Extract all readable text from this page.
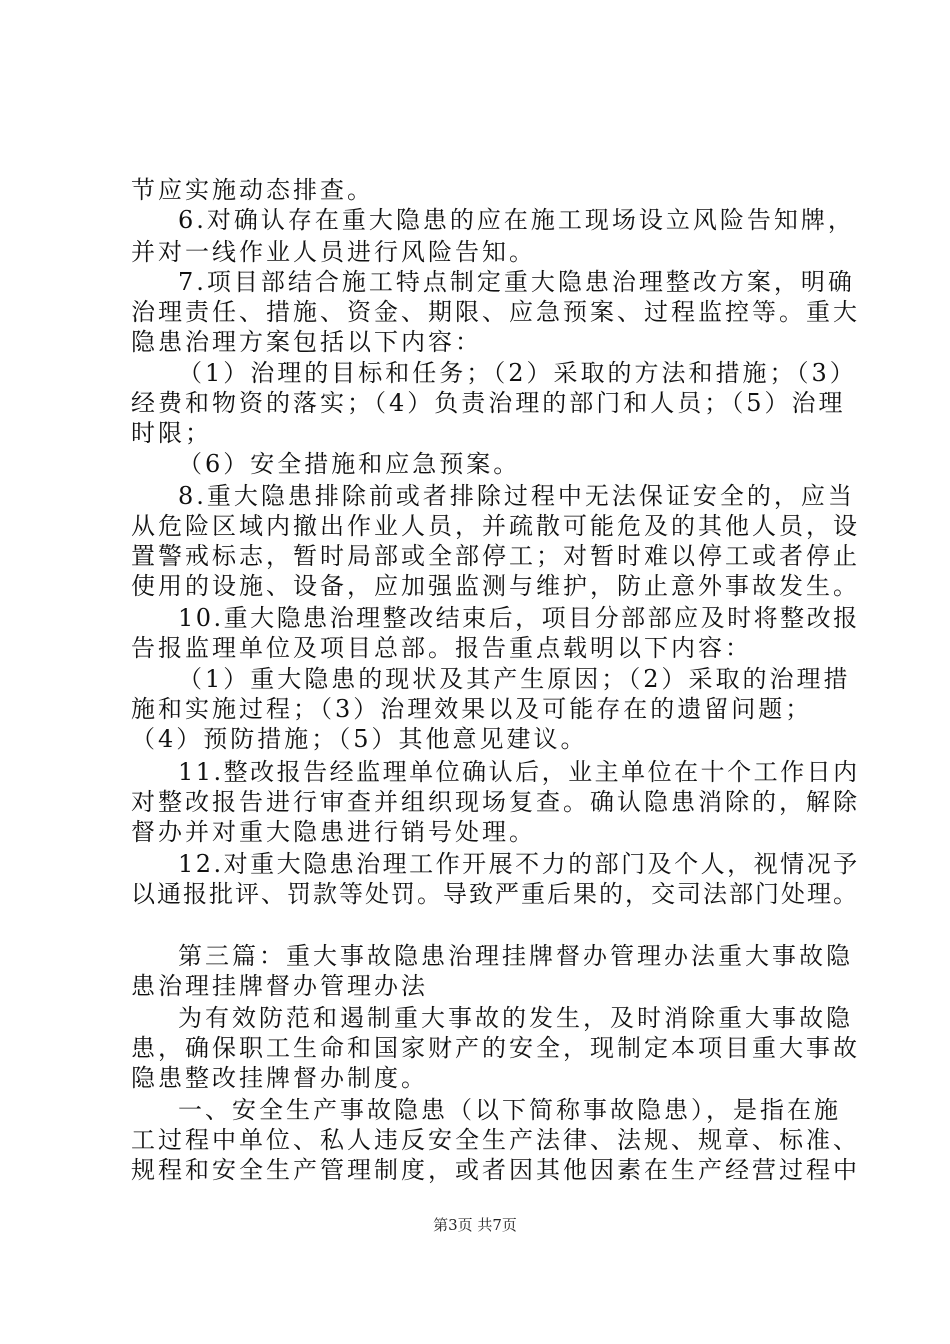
节应实施动态排查。
6.对确认存在重大隐患的应在施工现场设立风险告知牌，
并对一线作业人员进行风险告知。
7.项目部结合施工特点制定重大隐患治理整改方案，明确
治理责任、措施、资金、期限、应急预案、过程监控等。重大
隐患治理方案包括以下内容：
（1）治理的目标和任务；（2）采取的方法和措施；（3）
经费和物资的落实；（4）负责治理的部门和人员；（5）治理
时限；
（6）安全措施和应急预案。
8.重大隐患排除前或者排除过程中无法保证安全的，应当
从危险区域内撤出作业人员，并疏散可能危及的其他人员，设
置警戒标志，暂时局部或全部停工；对暂时难以停工或者停止
使用的设施、设备，应加强监测与维护，防止意外事故发生。
10.重大隐患治理整改结束后，项目分部部应及时将整改报
告报监理单位及项目总部。报告重点载明以下内容：
（1）重大隐患的现状及其产生原因；（2）采取的治理措
施和实施过程；（3）治理效果以及可能存在的遗留问题；
（4）预防措施；（5）其他意见建议。
11.整改报告经监理单位确认后，业主单位在十个工作日内
对整改报告进行审查并组织现场复查。确认隐患消除的，解除
督办并对重大隐患进行销号处理。
12.对重大隐患治理工作开展不力的部门及个人，视情况予
以通报批评、罚款等处罚。导致严重后果的，交司法部门处理。
第三篇：重大事故隐患治理挂牌督办管理办法重大事故隐
患治理挂牌督办管理办法
为有效防范和遏制重大事故的发生，及时消除重大事故隐
患，确保职工生命和国家财产的安全，现制定本项目重大事故
隐患整改挂牌督办制度。
一、安全生产事故隐患（以下简称事故隐患），是指在施
工过程中单位、私人违反安全生产法律、法规、规章、标准、
规程和安全生产管理制度，或者因其他因素在生产经营过程中
第3页 共7页
